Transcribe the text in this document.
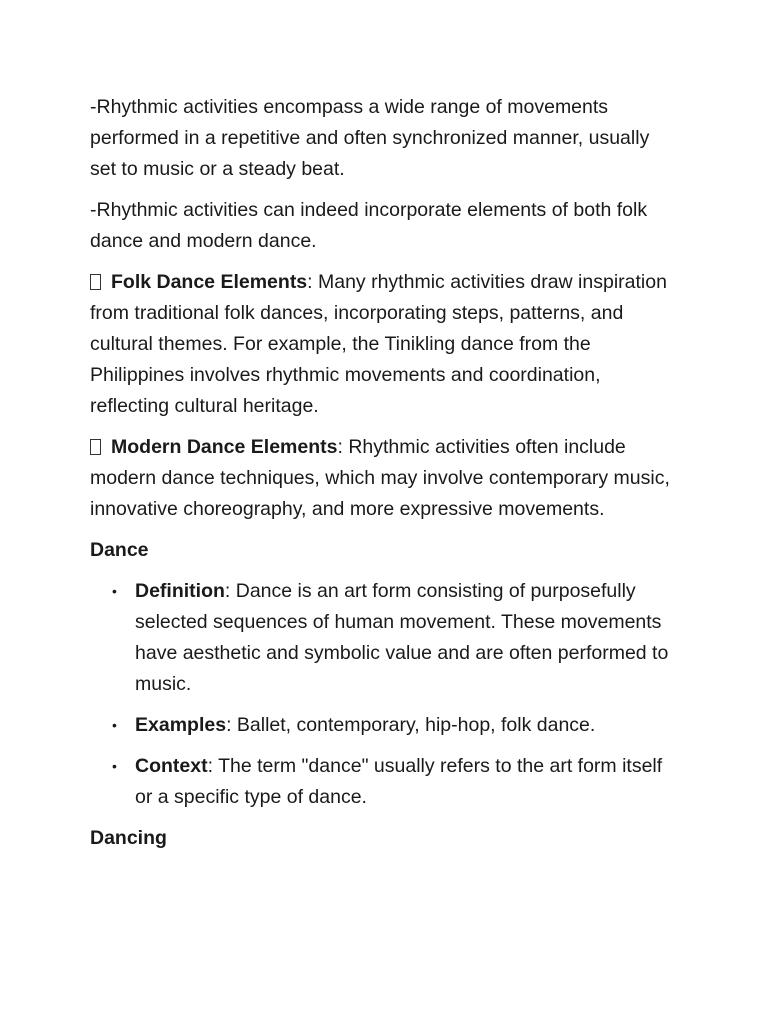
-Rhythmic activities encompass a wide range of movements performed in a repetitive and often synchronized manner, usually set to music or a steady beat.

-Rhythmic activities can indeed incorporate elements of both folk dance and modern dance.

Folk Dance Elements: Many rhythmic activities draw inspiration from traditional folk dances, incorporating steps, patterns, and cultural themes. For example, the Tinikling dance from the Philippines involves rhythmic movements and coordination, reflecting cultural heritage.

Modern Dance Elements: Rhythmic activities often include modern dance techniques, which may involve contemporary music, innovative choreography, and more expressive movements.

Dance
• Definition: Dance is an art form consisting of purposefully selected sequences of human movement. These movements have aesthetic and symbolic value and are often performed to music.
• Examples: Ballet, contemporary, hip-hop, folk dance.
• Context: The term "dance" usually refers to the art form itself or a specific type of dance.
Dancing
